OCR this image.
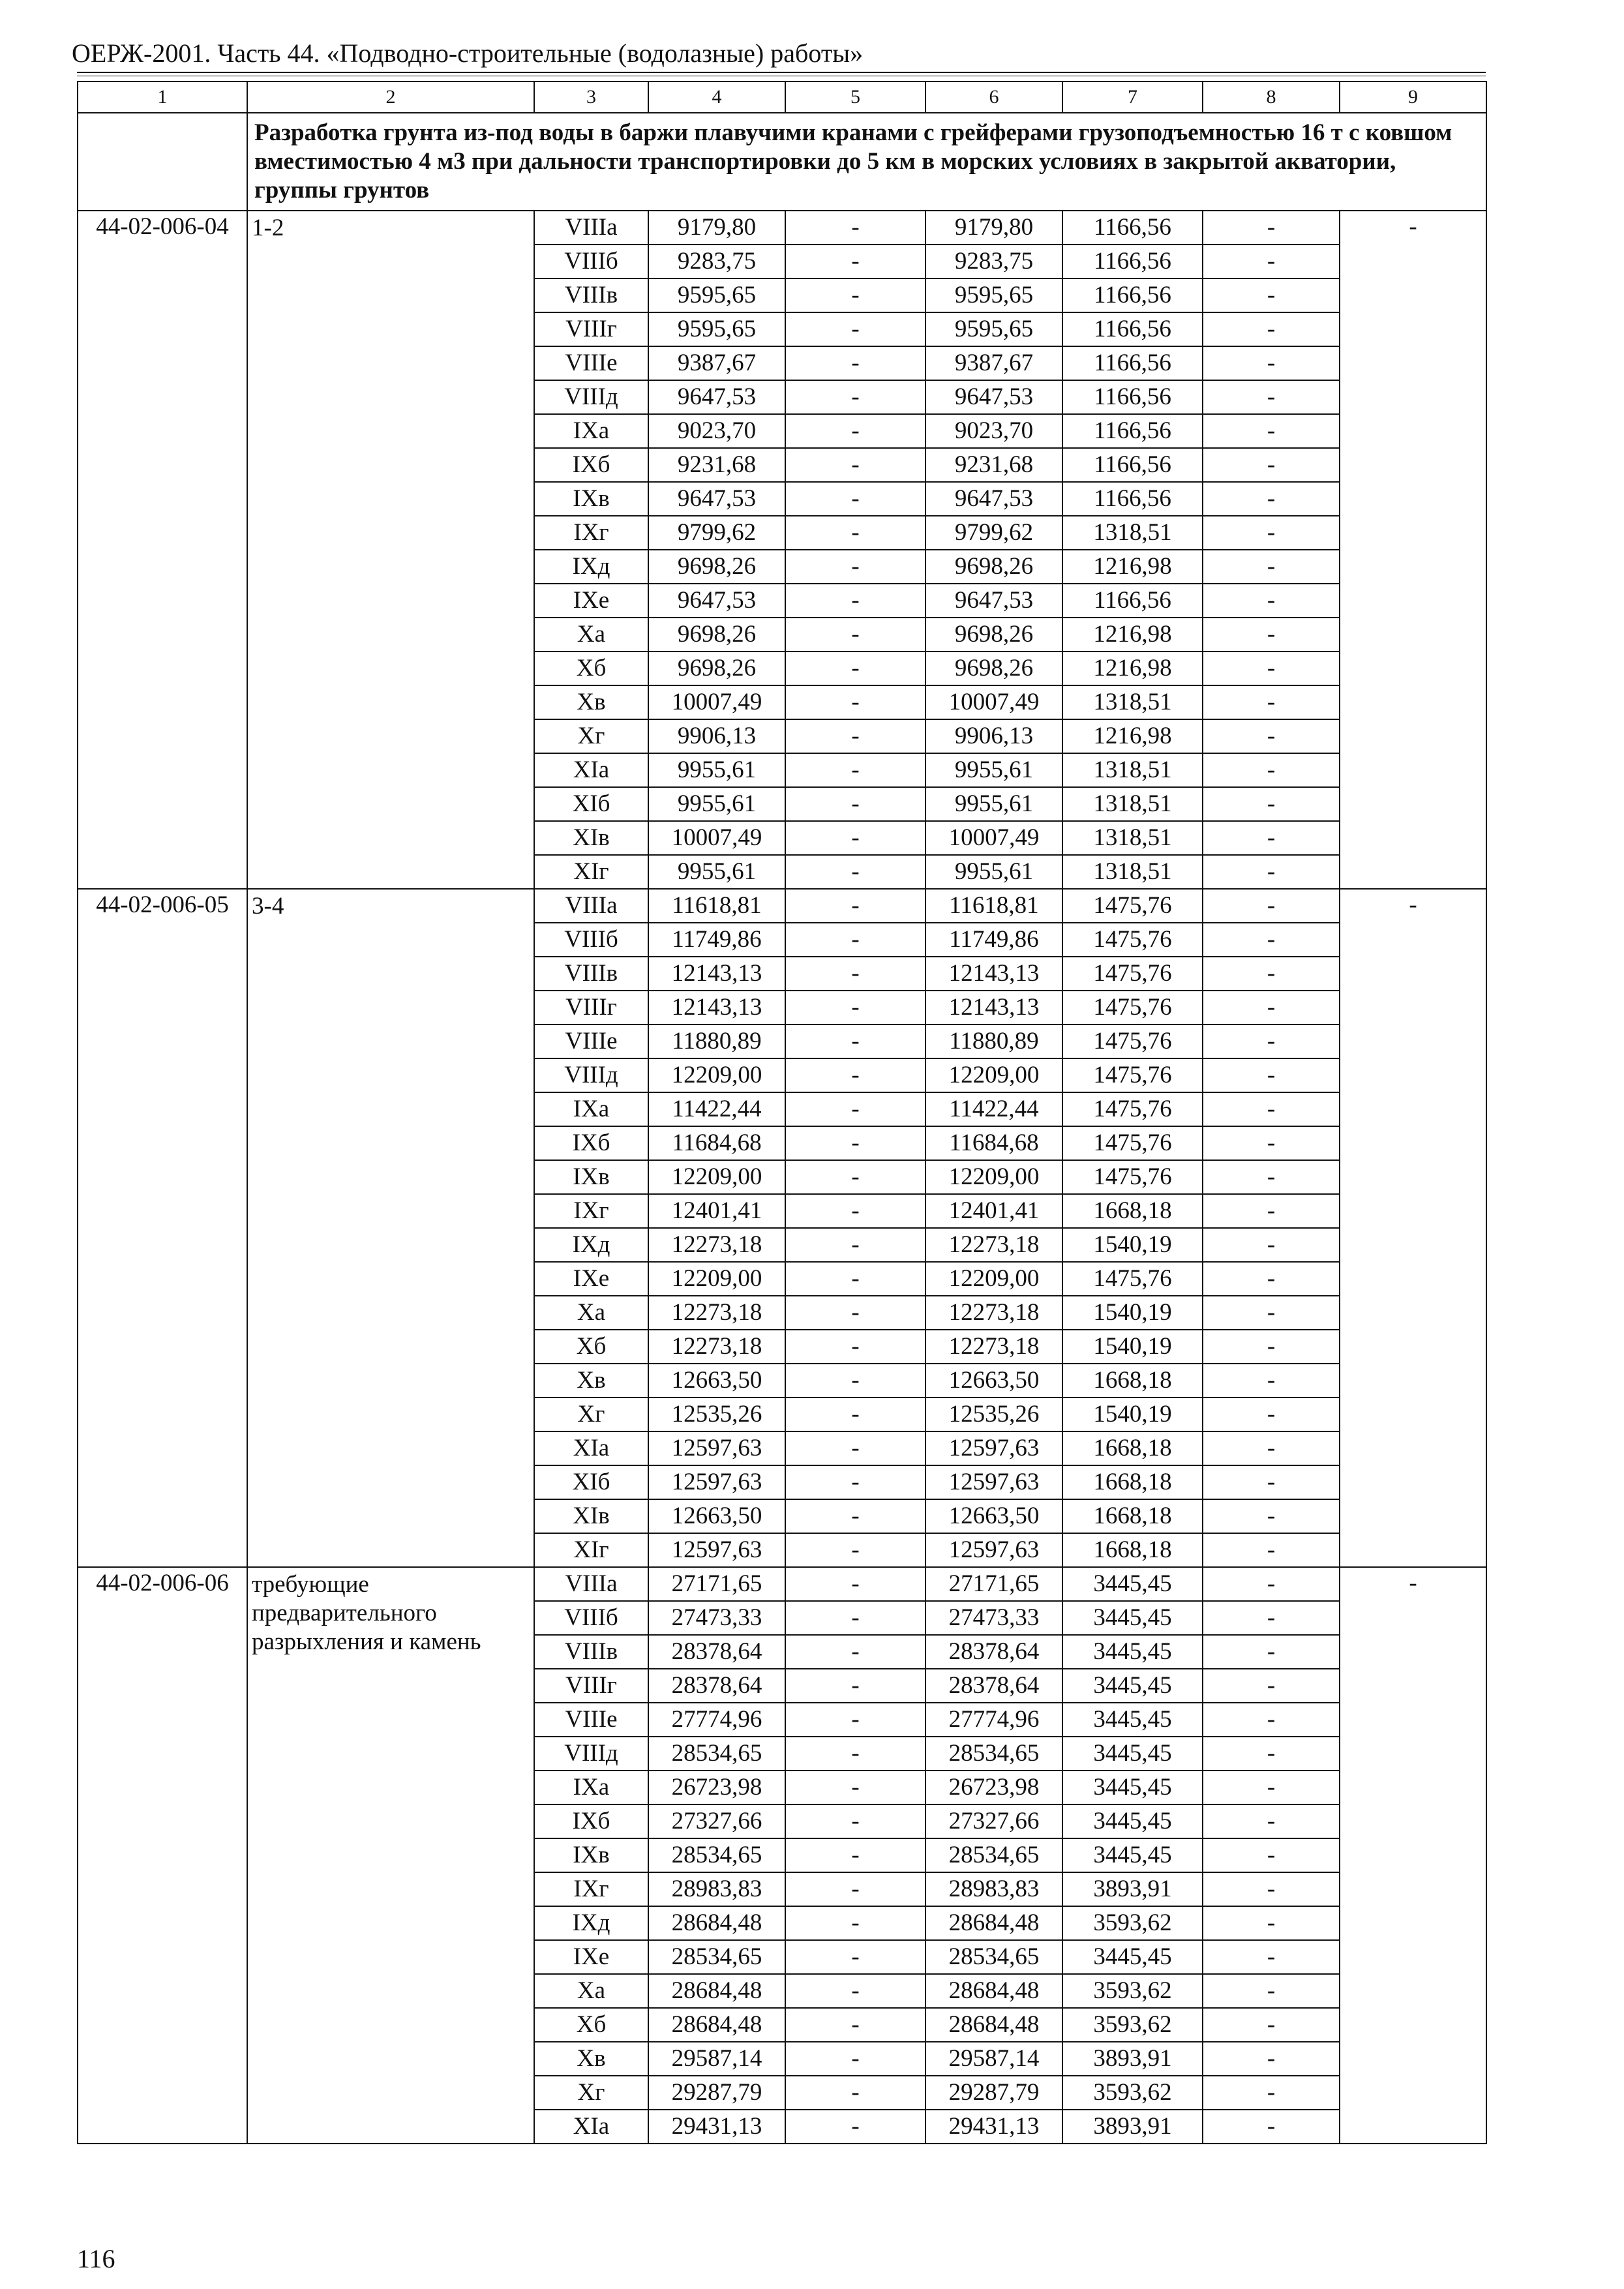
ОЕРЖ-2001. Часть 44. «Подводно-строительные (водолазные) работы»
1	2	3	4	5	6	7	8	9
	Разработка грунта из-под воды в баржи плавучими кранами с грейферами грузоподъемностью 16 т с ковшом вместимостью 4 м3 при дальности транспортировки до 5 км в морских условиях в закрытой акватории, группы грунтов							
44-02-006-04	1-2	VIIIа	9179,80	-	9179,80	1166,56	-	-
		VIIIб	9283,75	-	9283,75	1166,56	-	
		VIIIв	9595,65	-	9595,65	1166,56	-	
		VIIIг	9595,65	-	9595,65	1166,56	-	
		VIIIе	9387,67	-	9387,67	1166,56	-	
		VIIIд	9647,53	-	9647,53	1166,56	-	
		IXа	9023,70	-	9023,70	1166,56	-	
		IXб	9231,68	-	9231,68	1166,56	-	
		IXв	9647,53	-	9647,53	1166,56	-	
		IXг	9799,62	-	9799,62	1318,51	-	
		IXд	9698,26	-	9698,26	1216,98	-	
		IXе	9647,53	-	9647,53	1166,56	-	
		Xа	9698,26	-	9698,26	1216,98	-	
		Xб	9698,26	-	9698,26	1216,98	-	
		Xв	10007,49	-	10007,49	1318,51	-	
		Xг	9906,13	-	9906,13	1216,98	-	
		XIа	9955,61	-	9955,61	1318,51	-	
		XIб	9955,61	-	9955,61	1318,51	-	
		XIв	10007,49	-	10007,49	1318,51	-	
		XIг	9955,61	-	9955,61	1318,51	-	
44-02-006-05	3-4	VIIIа	11618,81	-	11618,81	1475,76	-	-
		VIIIб	11749,86	-	11749,86	1475,76	-	
		VIIIв	12143,13	-	12143,13	1475,76	-	
		VIIIг	12143,13	-	12143,13	1475,76	-	
		VIIIе	11880,89	-	11880,89	1475,76	-	
		VIIIд	12209,00	-	12209,00	1475,76	-	
		IXа	11422,44	-	11422,44	1475,76	-	
		IXб	11684,68	-	11684,68	1475,76	-	
		IXв	12209,00	-	12209,00	1475,76	-	
		IXг	12401,41	-	12401,41	1668,18	-	
		IXд	12273,18	-	12273,18	1540,19	-	
		IXе	12209,00	-	12209,00	1475,76	-	
		Xа	12273,18	-	12273,18	1540,19	-	
		Xб	12273,18	-	12273,18	1540,19	-	
		Xв	12663,50	-	12663,50	1668,18	-	
		Xг	12535,26	-	12535,26	1540,19	-	
		XIа	12597,63	-	12597,63	1668,18	-	
		XIб	12597,63	-	12597,63	1668,18	-	
		XIв	12663,50	-	12663,50	1668,18	-	
		XIг	12597,63	-	12597,63	1668,18	-	
44-02-006-06	требующие предварительного разрыхления и камень	VIIIа	27171,65	-	27171,65	3445,45	-	-
		VIIIб	27473,33	-	27473,33	3445,45	-	
		VIIIв	28378,64	-	28378,64	3445,45	-	
		VIIIг	28378,64	-	28378,64	3445,45	-	
		VIIIе	27774,96	-	27774,96	3445,45	-	
		VIIIд	28534,65	-	28534,65	3445,45	-	
		IXа	26723,98	-	26723,98	3445,45	-	
		IXб	27327,66	-	27327,66	3445,45	-	
		IXв	28534,65	-	28534,65	3445,45	-	
		IXг	28983,83	-	28983,83	3893,91	-	
		IXд	28684,48	-	28684,48	3593,62	-	
		IXе	28534,65	-	28534,65	3445,45	-	
		Xа	28684,48	-	28684,48	3593,62	-	
		Xб	28684,48	-	28684,48	3593,62	-	
		Xв	29587,14	-	29587,14	3893,91	-	
		Xг	29287,79	-	29287,79	3593,62	-	
		XIа	29431,13	-	29431,13	3893,91	-	
116
